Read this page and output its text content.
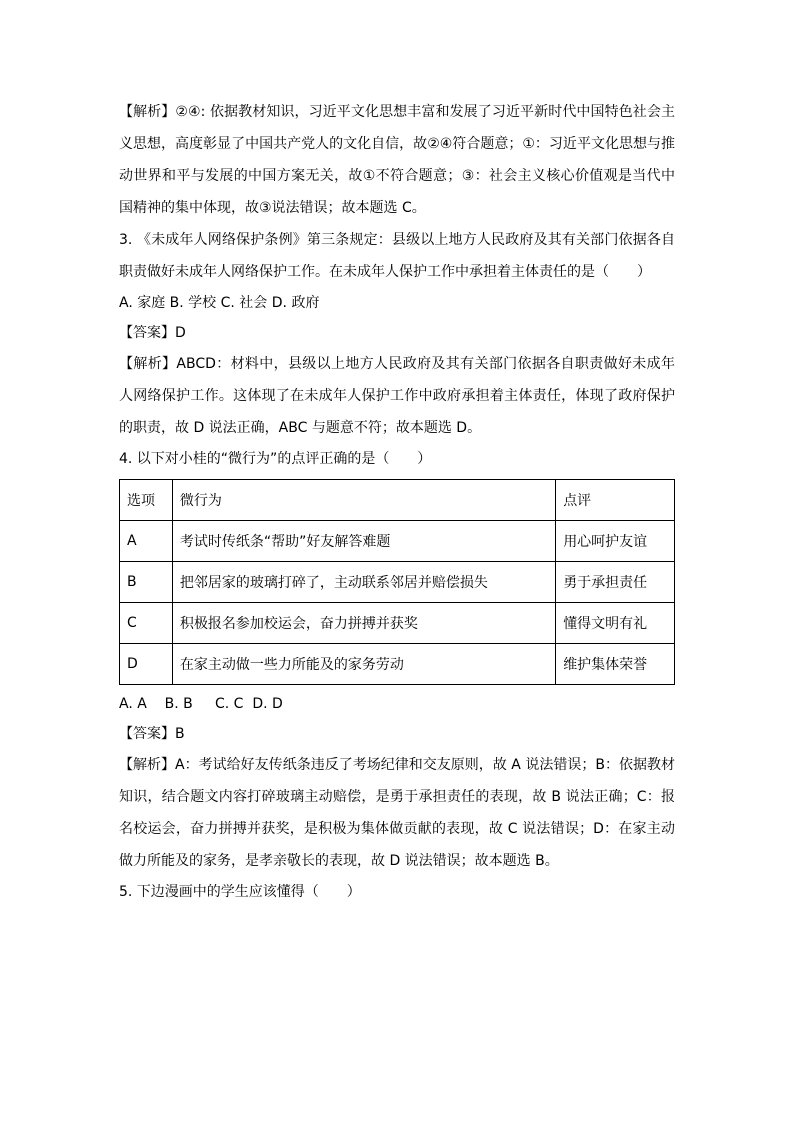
【解析】②④: 依据教材知识，习近平文化思想丰富和发展了习近平新时代中国特色社会主义思想，高度彰显了中国共产党人的文化自信，故②④符合题意；①：习近平文化思想与推动世界和平与发展的中国方案无关，故①不符合题意；③：社会主义核心价值观是当代中国精神的集中体现，故③说法错误；故本题选 C。

3. 《未成年人网络保护条例》第三条规定：县级以上地方人民政府及其有关部门依据各自职责做好未成年人网络保护工作。在未成年人保护工作中承担着主体责任的是（　　）

A. 家庭 B. 学校 C. 社会 D. 政府

【答案】D

【解析】ABCD：材料中，县级以上地方人民政府及其有关部门依据各自职责做好未成年人网络保护工作。这体现了在未成年人保护工作中政府承担着主体责任，体现了政府保护的职责，故 D 说法正确，ABC 与题意不符；故本题选 D。

4. 以下对小桂的“微行为”的点评正确的是（　　）

选项	微行为	点评
A	考试时传纸条“帮助”好友解答难题	用心呵护友谊
B	把邻居家的玻璃打碎了，主动联系邻居并赔偿损失	勇于承担责任
C	积极报名参加校运会，奋力拼搏并获奖	懂得文明有礼
D	在家主动做一些力所能及的家务劳动	维护集体荣誉

A. A    B. B     C. C  D. D

【答案】B

【解析】A：考试给好友传纸条违反了考场纪律和交友原则，故 A 说法错误；B：依据教材知识，结合题文内容打碎玻璃主动赔偿，是勇于承担责任的表现，故 B 说法正确；C：报名校运会，奋力拼搏并获奖，是积极为集体做贡献的表现，故 C 说法错误；D：在家主动做力所能及的家务，是孝亲敬长的表现，故 D 说法错误；故本题选 B。

5. 下边漫画中的学生应该懂得（　　）
